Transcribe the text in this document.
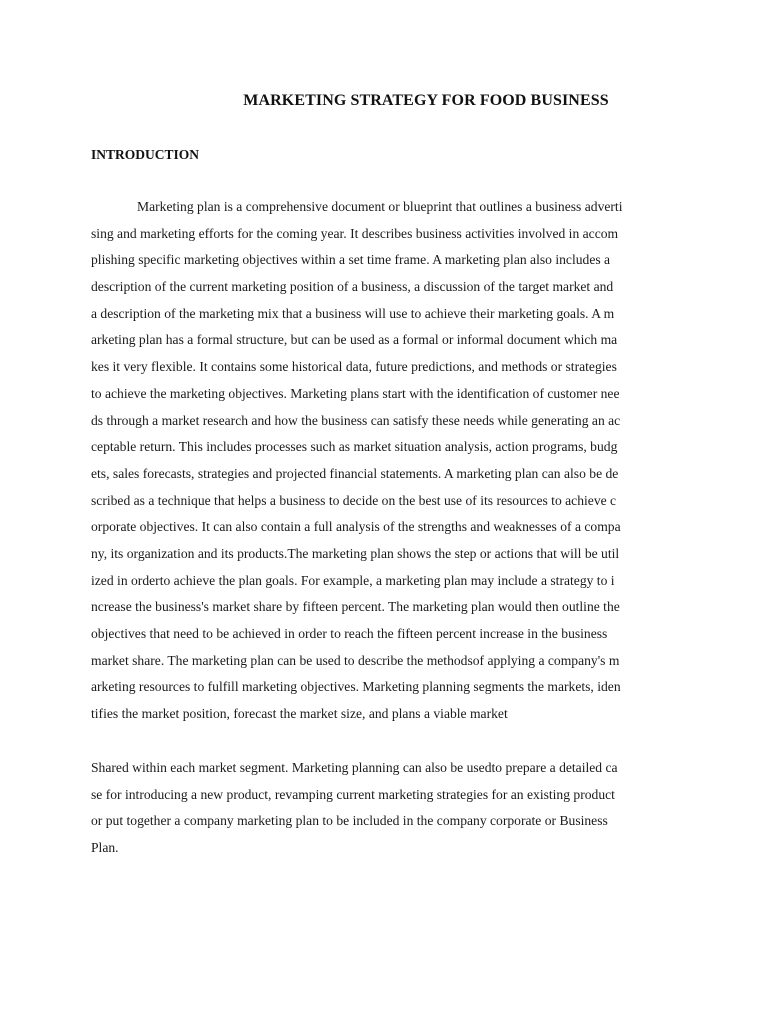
MARKETING STRATEGY FOR FOOD BUSINESS
INTRODUCTION
Marketing plan is a comprehensive document or blueprint that outlines a business adverti
sing and marketing efforts for the coming year. It describes business activities involved in accom
plishing specific marketing objectives within a set time frame. A marketing plan also includes a
description of the current marketing position of a business, a discussion of the target market and
a description of the marketing mix that a business will use to achieve their marketing goals. A m
arketing plan has a formal structure, but can be used as a formal or informal document which ma
kes it very flexible. It contains some historical data, future predictions, and methods or strategies
to achieve the marketing objectives. Marketing plans start with the identification of customer nee
ds through a market research and how the business can satisfy these needs while generating an ac
ceptable return. This includes processes such as market situation analysis, action programs, budg
ets, sales forecasts, strategies and projected financial statements. A marketing plan can also be de
scribed as a technique that helps a business to decide on the best use of its resources to achieve c
orporate objectives. It can also contain a full analysis of the strengths and weaknesses of a compa
ny, its organization and its products.The marketing plan shows the step or actions that will be util
ized in orderto achieve the plan goals. For example, a marketing plan may include a strategy to i
ncrease the business's market share by fifteen percent. The marketing plan would then outline the
objectives that need to be achieved in order to reach the fifteen percent increase in the business
market share. The marketing plan can be used to describe the methodsof applying a company's m
arketing resources to fulfill marketing objectives. Marketing planning segments the markets, iden
tifies the market position, forecast the market size, and plans a viable market
Shared within each market segment. Marketing planning can also be usedto prepare a detailed ca
se for introducing a new product, revamping current marketing strategies for an existing product
or put together a company marketing plan to be included in the company corporate or Business
Plan.
